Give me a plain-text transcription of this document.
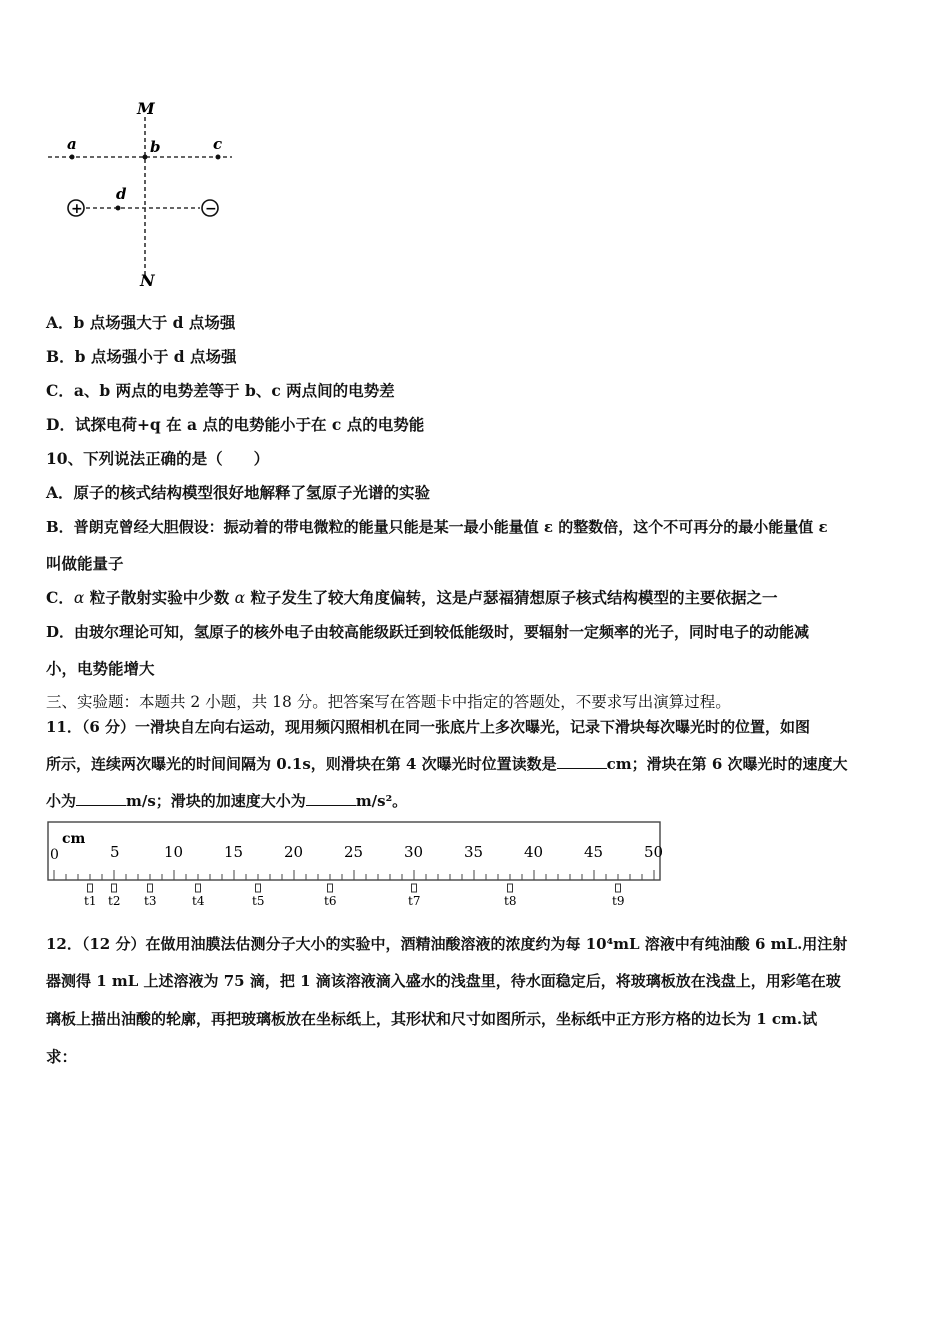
M
N
a	b	c
d
+	−
A．b 点场强大于 d 点场强
B．b 点场强小于 d 点场强
C．a、b 两点的电势差等于 b、c 两点间的电势差
D．试探电荷+q 在 a 点的电势能小于在 c 点的电势能
10、下列说法正确的是（　　）
A．原子的核式结构模型很好地解释了氢原子光谱的实验
B．普朗克曾经大胆假设：振动着的带电微粒的能量只能是某一最小能量值 ε 的整数倍，这个不可再分的最小能量值 ε
叫做能量子
C．α 粒子散射实验中少数 α 粒子发生了较大角度偏转，这是卢瑟福猜想原子核式结构模型的主要依据之一
D．由玻尔理论可知，氢原子的核外电子由较高能级跃迁到较低能级时，要辐射一定频率的光子，同时电子的动能减
小，电势能增大
三、实验题：本题共 2 小题，共 18 分。把答案写在答题卡中指定的答题处，不要求写出演算过程。
11．（6 分）一滑块自左向右运动，现用频闪照相机在同一张底片上多次曝光，记录下滑块每次曝光时的位置，如图
所示，连续两次曝光的时间间隔为 0.1s，则滑块在第 4 次曝光时位置读数是	cm；滑块在第 6 次曝光时的速度大
小为	m/s；滑块的加速度大小为	m/s²。
cm
0	5	10	15	20	25	30	35	40	45	50
t1 t2 t3	t4	t5	t6	t7	t8	t9
12．（12 分）在做用油膜法估测分子大小的实验中，酒精油酸溶液的浓度约为每 10⁴mL 溶液中有纯油酸 6 mL.用注射
器测得 1 mL 上述溶液为 75 滴，把 1 滴该溶液滴入盛水的浅盘里，待水面稳定后，将玻璃板放在浅盘上，用彩笔在玻
璃板上描出油酸的轮廓，再把玻璃板放在坐标纸上，其形状和尺寸如图所示，坐标纸中正方形方格的边长为 1 cm.试
求：
